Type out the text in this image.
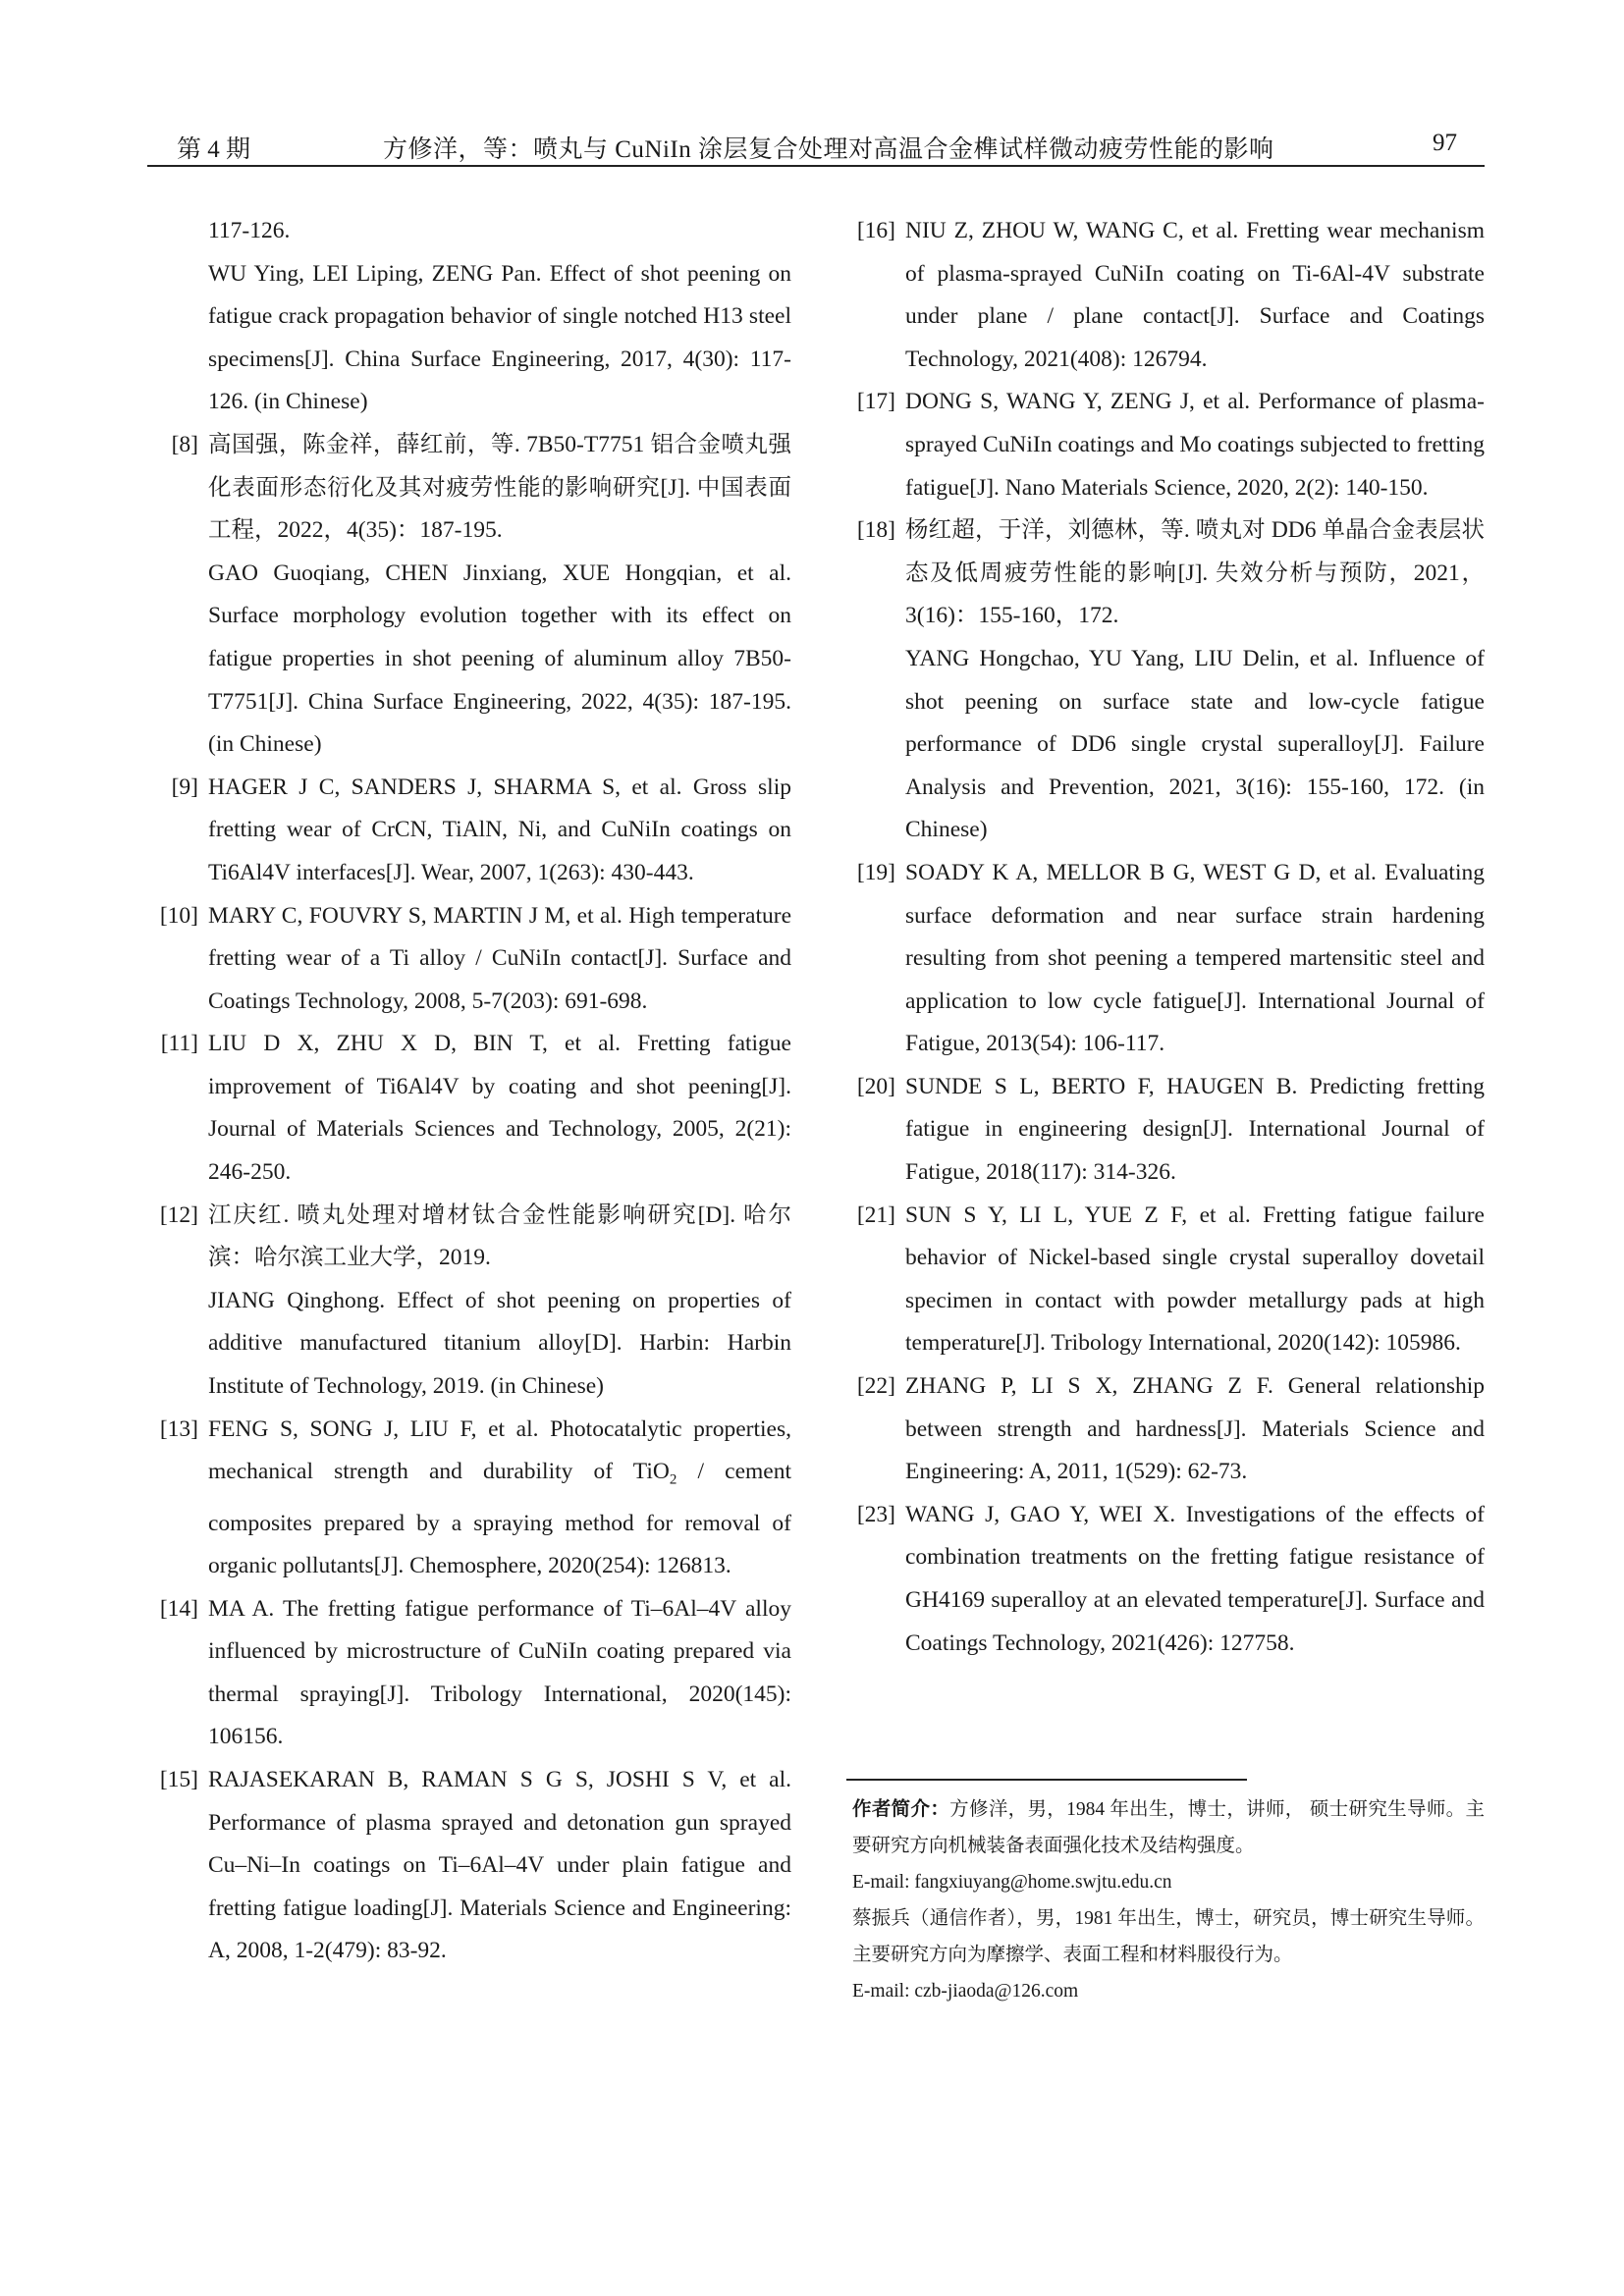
第 4 期	方修洋，等：喷丸与 CuNiIn 涂层复合处理对高温合金榫试样微动疲劳性能的影响	97
117-126.
WU Ying, LEI Liping, ZENG Pan. Effect of shot peening on fatigue crack propagation behavior of single notched H13 steel specimens[J]. China Surface Engineering, 2017, 4(30): 117-126. (in Chinese)
[8] 高国强，陈金祥，薛红前，等. 7B50-T7751 铝合金喷丸强化表面形态衍化及其对疲劳性能的影响研究[J]. 中国表面工程，2022，4(35)：187-195.
GAO Guoqiang, CHEN Jinxiang, XUE Hongqian, et al. Surface morphology evolution together with its effect on fatigue properties in shot peening of aluminum alloy 7B50-T7751[J]. China Surface Engineering, 2022, 4(35): 187-195. (in Chinese)
[9] HAGER J C, SANDERS J, SHARMA S, et al. Gross slip fretting wear of CrCN, TiAlN, Ni, and CuNiIn coatings on Ti6Al4V interfaces[J]. Wear, 2007, 1(263): 430-443.
[10] MARY C, FOUVRY S, MARTIN J M, et al. High temperature fretting wear of a Ti alloy / CuNiIn contact[J]. Surface and Coatings Technology, 2008, 5-7(203): 691-698.
[11] LIU D X, ZHU X D, BIN T, et al. Fretting fatigue improvement of Ti6Al4V by coating and shot peening[J]. Journal of Materials Sciences and Technology, 2005, 2(21): 246-250.
[12] 江庆红. 喷丸处理对增材钛合金性能影响研究[D]. 哈尔滨：哈尔滨工业大学，2019.
JIANG Qinghong. Effect of shot peening on properties of additive manufactured titanium alloy[D]. Harbin: Harbin Institute of Technology, 2019. (in Chinese)
[13] FENG S, SONG J, LIU F, et al. Photocatalytic properties, mechanical strength and durability of TiO$_2$ / cement composites prepared by a spraying method for removal of organic pollutants[J]. Chemosphere, 2020(254): 126813.
[14] MA A. The fretting fatigue performance of Ti–6Al–4V alloy influenced by microstructure of CuNiIn coating prepared via thermal spraying[J]. Tribology International, 2020(145): 106156.
[15] RAJASEKARAN B, RAMAN S G S, JOSHI S V, et al. Performance of plasma sprayed and detonation gun sprayed Cu–Ni–In coatings on Ti–6Al–4V under plain fatigue and fretting fatigue loading[J]. Materials Science and Engineering: A, 2008, 1-2(479): 83-92.
[16] NIU Z, ZHOU W, WANG C, et al. Fretting wear mechanism of plasma-sprayed CuNiIn coating on Ti-6Al-4V substrate under plane / plane contact[J]. Surface and Coatings Technology, 2021(408): 126794.
[17] DONG S, WANG Y, ZENG J, et al. Performance of plasma-sprayed CuNiIn coatings and Mo coatings subjected to fretting fatigue[J]. Nano Materials Science, 2020, 2(2): 140-150.
[18] 杨红超，于洋，刘德林，等. 喷丸对 DD6 单晶合金表层状态及低周疲劳性能的影响[J]. 失效分析与预防，2021，3(16)：155-160，172.
YANG Hongchao, YU Yang, LIU Delin, et al. Influence of shot peening on surface state and low-cycle fatigue performance of DD6 single crystal superalloy[J]. Failure Analysis and Prevention, 2021, 3(16): 155-160, 172. (in Chinese)
[19] SOADY K A, MELLOR B G, WEST G D, et al. Evaluating surface deformation and near surface strain hardening resulting from shot peening a tempered martensitic steel and application to low cycle fatigue[J]. International Journal of Fatigue, 2013(54): 106-117.
[20] SUNDE S L, BERTO F, HAUGEN B. Predicting fretting fatigue in engineering design[J]. International Journal of Fatigue, 2018(117): 314-326.
[21] SUN S Y, LI L, YUE Z F, et al. Fretting fatigue failure behavior of Nickel-based single crystal superalloy dovetail specimen in contact with powder metallurgy pads at high temperature[J]. Tribology International, 2020(142): 105986.
[22] ZHANG P, LI S X, ZHANG Z F. General relationship between strength and hardness[J]. Materials Science and Engineering: A, 2011, 1(529): 62-73.
[23] WANG J, GAO Y, WEI X. Investigations of the effects of combination treatments on the fretting fatigue resistance of GH4169 superalloy at an elevated temperature[J]. Surface and Coatings Technology, 2021(426): 127758.
作者简介：方修洋，男，1984 年出生，博士，讲师， 硕士研究生导师。主要研究方向机械装备表面强化技术及结构强度。
E-mail: fangxiuyang@home.swjtu.edu.cn
蔡振兵（通信作者），男，1981 年出生，博士，研究员，博士研究生导师。主要研究方向为摩擦学、表面工程和材料服役行为。
E-mail: czb-jiaoda@126.com
